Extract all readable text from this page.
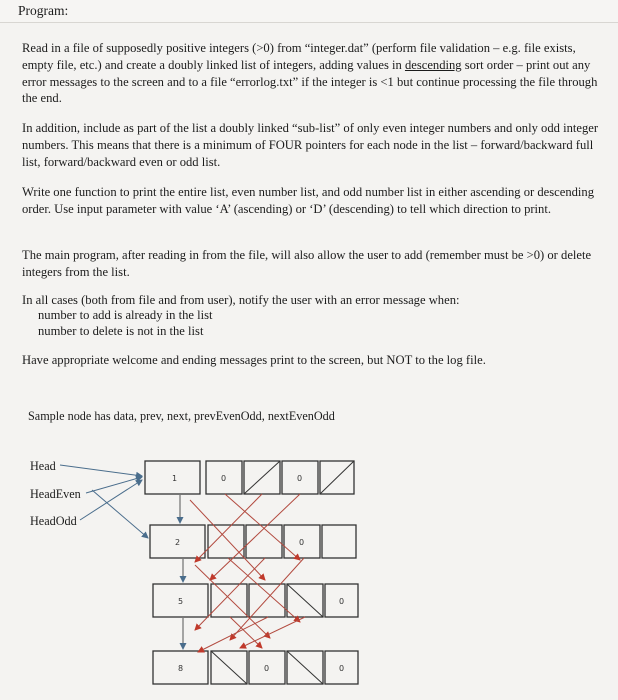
Program:

Read in a file of supposedly positive integers (>0) from “integer.dat” (perform file validation – e.g. file exists, empty file, etc.) and create a doubly linked list of integers, adding values in descending sort order – print out any error messages to the screen and to a file “errorlog.txt” if the integer is <1 but continue processing the file through the end.

In addition, include as part of the list a doubly linked “sub-list” of only even integer numbers and only odd integer numbers. This means that there is a minimum of FOUR pointers for each node in the list – forward/backward full list, forward/backward even or odd list.

Write one function to print the entire list, even number list, and odd number list in either ascending or descending order. Use input parameter with value ‘A’ (ascending) or ‘D’ (descending) to tell which direction to print.

The main program, after reading in from the file, will also allow the user to add (remember must be >0) or delete integers from the list.

In all cases (both from file and from user), notify the user with an error message when:

number to add is already in the list
number to delete is not in the list

Have appropriate welcome and ending messages print to the screen, but NOT to the log file.

Sample node has data, prev, next, prevEvenOdd, nextEvenOdd
Head
HeadEven
HeadOdd
1	0	0
2	0
5	0
8	0	0
